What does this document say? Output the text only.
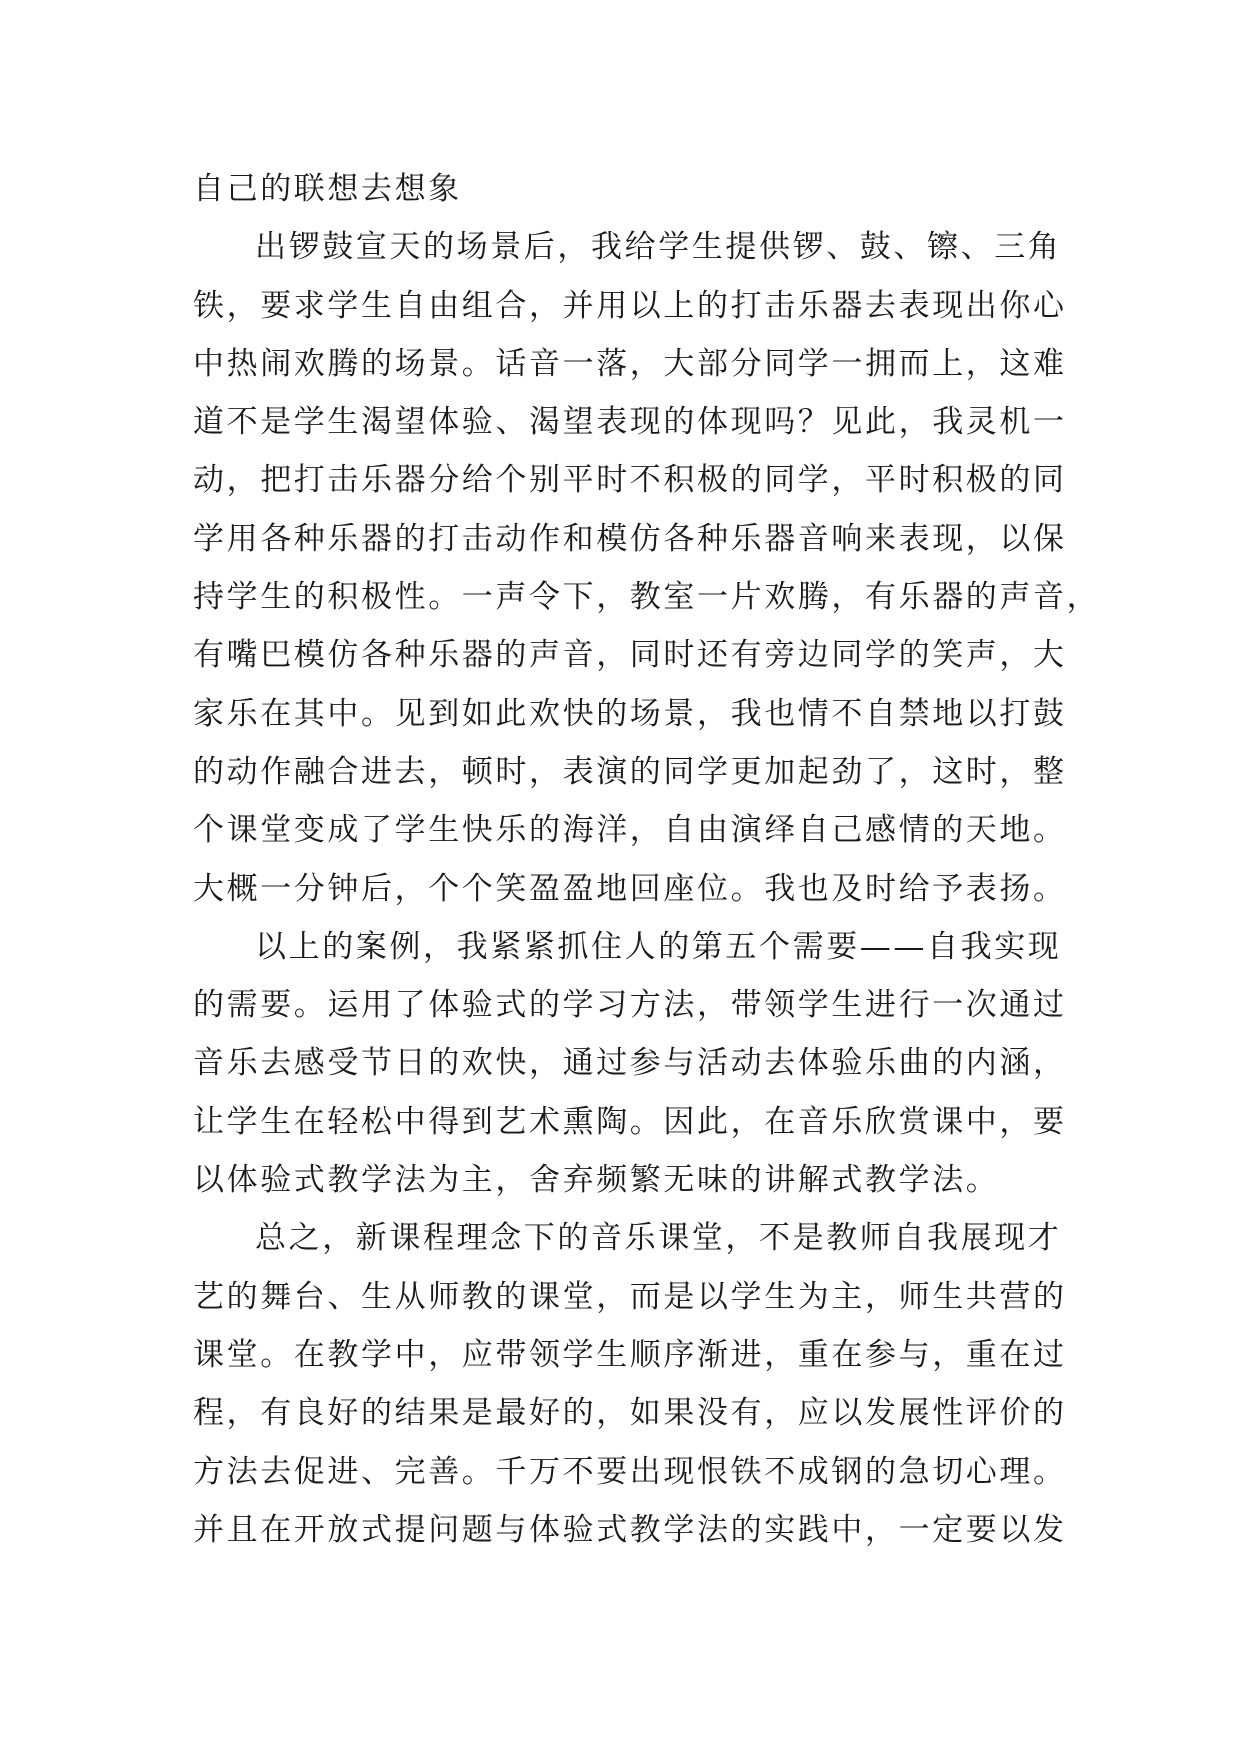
自己的联想去想象
出锣鼓宣天的场景后，我给学生提供锣、鼓、镲、三角
铁，要求学生自由组合，并用以上的打击乐器去表现出你心
中热闹欢腾的场景。话音一落，大部分同学一拥而上，这难
道不是学生渴望体验、渴望表现的体现吗？见此，我灵机一
动，把打击乐器分给个别平时不积极的同学，平时积极的同
学用各种乐器的打击动作和模仿各种乐器音响来表现，以保
持学生的积极性。一声令下，教室一片欢腾，有乐器的声音，
有嘴巴模仿各种乐器的声音，同时还有旁边同学的笑声，大
家乐在其中。见到如此欢快的场景，我也情不自禁地以打鼓
的动作融合进去，顿时，表演的同学更加起劲了，这时，整
个课堂变成了学生快乐的海洋，自由演绎自己感情的天地。
大概一分钟后，个个笑盈盈地回座位。我也及时给予表扬。
以上的案例，我紧紧抓住人的第五个需要——自我实现
的需要。运用了体验式的学习方法，带领学生进行一次通过
音乐去感受节日的欢快，通过参与活动去体验乐曲的内涵，
让学生在轻松中得到艺术熏陶。因此，在音乐欣赏课中，要
以体验式教学法为主，舍弃频繁无味的讲解式教学法。
总之，新课程理念下的音乐课堂，不是教师自我展现才
艺的舞台、生从师教的课堂，而是以学生为主，师生共营的
课堂。在教学中，应带领学生顺序渐进，重在参与，重在过
程，有良好的结果是最好的，如果没有，应以发展性评价的
方法去促进、完善。千万不要出现恨铁不成钢的急切心理。
并且在开放式提问题与体验式教学法的实践中，一定要以发
